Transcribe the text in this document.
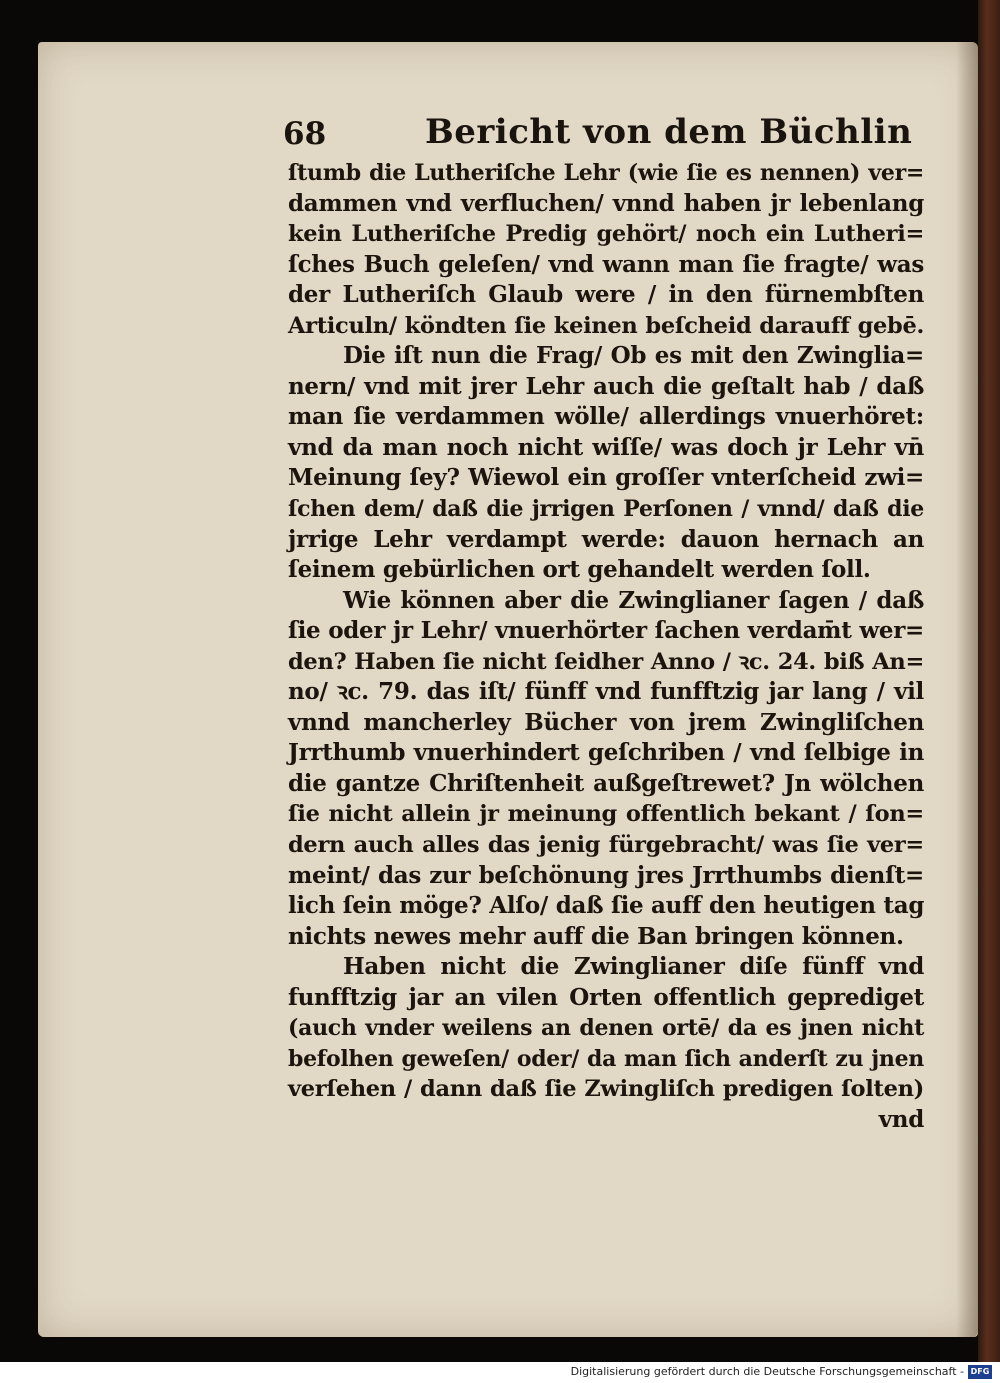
68	Bericht von dem Büchlin
ſtumb die Lutheriſche Lehr (wie ſie es nennen) ver=
dammen vnd verfluchen/ vnnd haben jr lebenlang
kein Lutheriſche Predig gehört/ noch ein Lutheri=
ſches Buch geleſen/ vnd wann man ſie fragte/ was
der Lutheriſch Glaub were / in den fürnembſten
Articuln/ köndten ſie keinen beſcheid darauff gebē.
Die iſt nun die Frag/ Ob es mit den Zwinglia=
nern/ vnd mit jrer Lehr auch die geſtalt hab / daß
man ſie verdammen wölle/ allerdings vnuerhöret:
vnd da man noch nicht wiſſe/ was doch jr Lehr vn̄
Meinung ſey? Wiewol ein groſſer vnterſcheid zwi=
ſchen dem/ daß die jrrigen Perſonen / vnnd/ daß die
jrrige Lehr verdampt werde: dauon hernach an
ſeinem gebürlichen ort gehandelt werden ſoll.
Wie können aber die Zwinglianer ſagen / daß
ſie oder jr Lehr/ vnuerhörter ſachen verdam̄t wer=
den? Haben ſie nicht ſeidher Anno / ꝛc. 24. biß An=
no/ ꝛc. 79. das iſt/ fünff vnd funfftzig jar lang / vil
vnnd mancherley Bücher von jrem Zwingliſchen
Jrrthumb vnuerhindert geſchriben / vnd ſelbige in
die gantze Chriſtenheit außgeſtrewet? Jn wölchen
ſie nicht allein jr meinung offentlich bekant / ſon=
dern auch alles das jenig fürgebracht/ was ſie ver=
meint/ das zur beſchönung jres Jrrthumbs dienſt=
lich ſein möge? Alſo/ daß ſie auff den heutigen tag
nichts newes mehr auff die Ban bringen können.
Haben nicht die Zwinglianer diſe fünff vnd
funfftzig jar an vilen Orten offentlich geprediget
(auch vnder weilens an denen ortē/ da es jnen nicht
befolhen geweſen/ oder/ da man ſich anderſt zu jnen
verſehen / dann daß ſie Zwingliſch predigen ſolten)
vnd
Digitalisierung gefördert durch die Deutsche Forschungsgemeinschaft - DFG
